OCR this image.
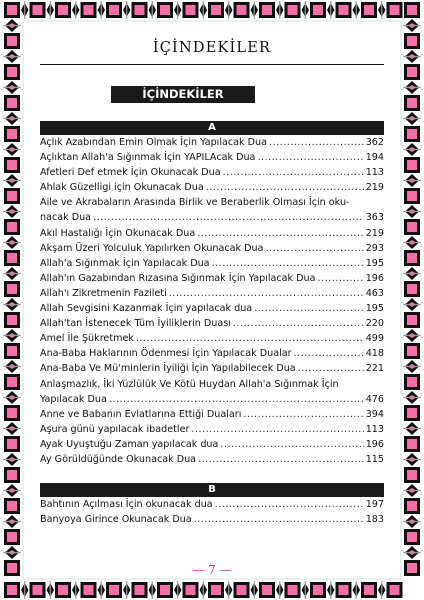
İÇİNDEKİLER
İÇİNDEKİLER
A
Açlık Azabından Emin Olmak İçin Yapılacak Dua .....	362
Açlıktan Allah'a Sığınmak İçin YAPILAcak Dua .....	194
Afetleri Def etmek İçin Okunacak Dua .....	113
Ahlak Güzelligi için Okunacak Dua .....	219
Aile ve Akrabaların Arasında Birlik ve Beraberlik Olması İçin oku-
nacak Dua .....	363
Akıl Hastalığı İçin Okunacak Dua .....	219
Akşam Üzeri Yolculuk Yapılırken Okunacak Dua .....	293
Allah'a Sığınmak İçin Yapılacak Dua .....	195
Allah'ın Gazabından Rızasına Sığınmak İçin Yapılacak Dua .....	196
Allah'ı Zikretmenin Fazileti .....	463
Allah Sevgisini Kazanmak İçin yapılacak dua .....	195
Allah'tan İstenecek Tüm İyiliklerin Duası .....	220
Amel İle Şükretmek .....	499
Ana-Baba Haklarının Ödenmesi İçin Yapılacak Dualar .....	418
Ana-Baba Ve Mü'minlerin İyiliği İçin Yapılabilecek Dua .....	221
Anlaşmazlık, İki Yüzlülük Ve Kötü Huydan Allah'a Sığınmak İçin
Yapılacak Dua .....	476
Anne ve Babanın Evlatlarına Ettiği Duaları .....	394
Aşura günü yapılacak ibadetler .....	113
Ayak Uyuştuğu Zaman yapılacak dua .....	196
Ay Görüldüğünde Okunacak Dua .....	115
B
Bahtının Açılması İçin okunacak dua .....	197
Banyoya Girince Okunacak Dua .....	183
— 7 —
